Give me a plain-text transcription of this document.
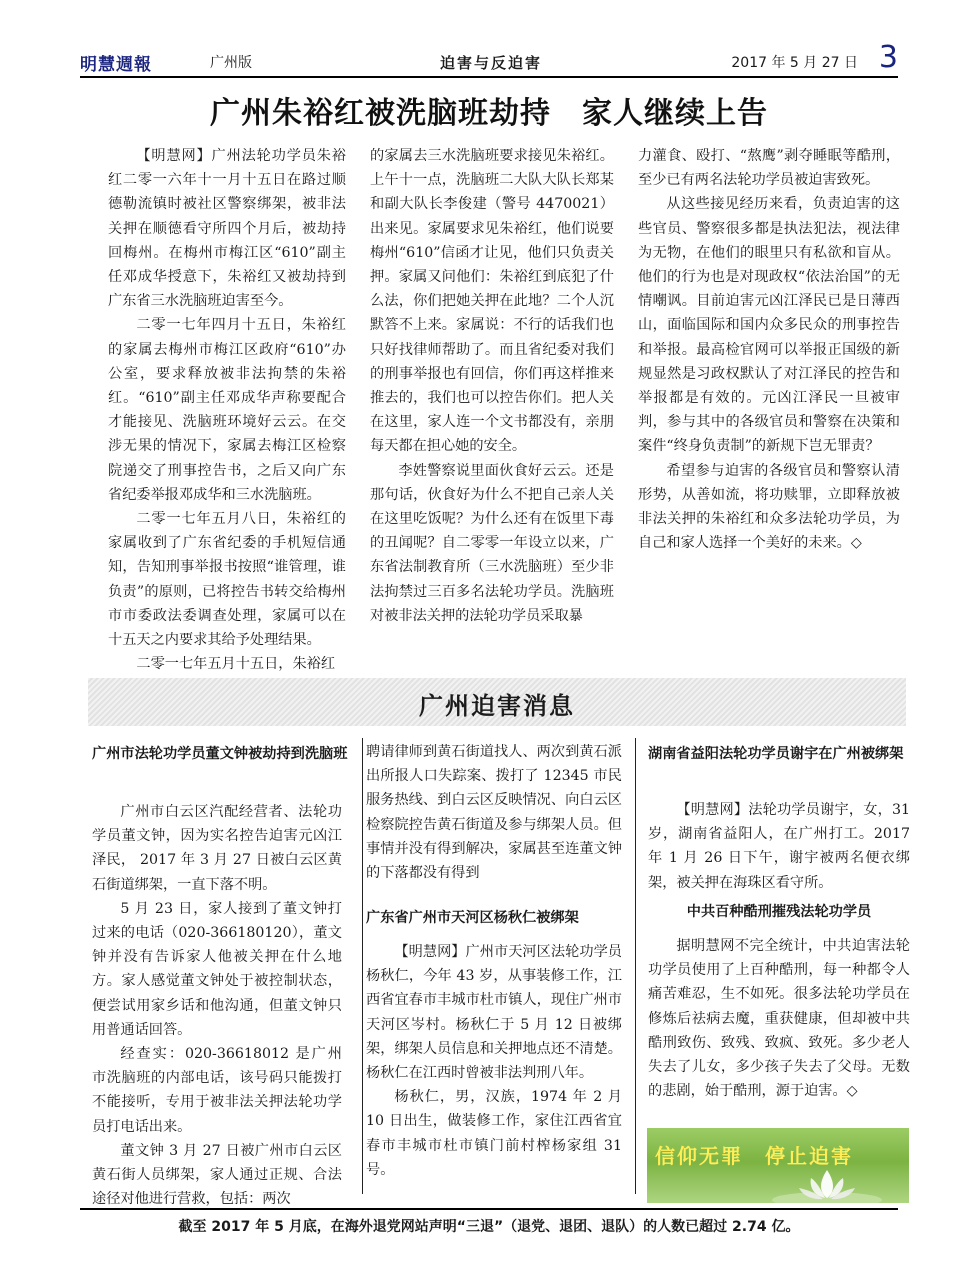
明慧週報	广州版	迫害与反迫害	2017 年 5 月 27 日 3
广州朱裕红被洗脑班劫持　家人继续上告

【明慧网】广州法轮功学员朱裕红二零一六年十一月十五日在路过顺德勒流镇时被社区警察绑架，被非法关押在顺德看守所四个月后，被劫持回梅州。在梅州市梅江区“610”副主任邓成华授意下，朱裕红又被劫持到广东省三水洗脑班迫害至今。

二零一七年四月十五日，朱裕红的家属去梅州市梅江区政府“610”办公室，要求释放被非法拘禁的朱裕红。“610”副主任邓成华声称要配合才能接见、洗脑班环境好云云。在交涉无果的情况下，家属去梅江区检察院递交了刑事控告书，之后又向广东省纪委举报邓成华和三水洗脑班。

二零一七年五月八日，朱裕红的家属收到了广东省纪委的手机短信通知，告知刑事举报书按照“谁管理，谁负责”的原则，已将控告书转交给梅州市市委政法委调查处理，家属可以在十五天之内要求其给予处理结果。

二零一七年五月十五日，朱裕红

的家属去三水洗脑班要求接见朱裕红。上午十一点，洗脑班二大队大队长郑某和副大队长李俊建（警号 4470021）出来见。家属要求见朱裕红，他们说要梅州“610”信函才让见，他们只负责关押。家属又问他们：朱裕红到底犯了什么法，你们把她关押在此地？二个人沉默答不上来。家属说：不行的话我们也只好找律师帮助了。而且省纪委对我们的刑事举报也有回信，你们再这样推来推去的，我们也可以控告你们。把人关在这里，家人连一个文书都没有，亲朋每天都在担心她的安全。

李姓警察说里面伙食好云云。还是那句话，伙食好为什么不把自己亲人关在这里吃饭呢？为什么还有在饭里下毒的丑闻呢？自二零零一年设立以来，广东省法制教育所（三水洗脑班）至少非法拘禁过三百多名法轮功学员。洗脑班对被非法关押的法轮功学员采取暴

力灌食、殴打、“熬鹰”剥夺睡眠等酷刑，至少已有两名法轮功学员被迫害致死。

从这些接见经历来看，负责迫害的这些官员、警察很多都是执法犯法，视法律为无物，在他们的眼里只有私欲和盲从。他们的行为也是对现政权“依法治国”的无情嘲讽。目前迫害元凶江泽民已是日薄西山，面临国际和国内众多民众的刑事控告和举报。最高检官网可以举报正国级的新规显然是习政权默认了对江泽民的控告和举报都是有效的。元凶江泽民一旦被审判，参与其中的各级官员和警察在决策和案件“终身负责制”的新规下岂无罪责？

希望参与迫害的各级官员和警察认清形势，从善如流，将功赎罪，立即释放被非法关押的朱裕红和众多法轮功学员，为自己和家人选择一个美好的未来。◇

广州迫害消息
广州市法轮功学员董文钟被劫持到洗脑班

广州市白云区汽配经营者、法轮功学员董文钟，因为实名控告迫害元凶江泽民， 2017 年 3 月 27 日被白云区黄石街道绑架，一直下落不明。

5 月 23 日，家人接到了董文钟打过来的电话（020-366180120），董文钟并没有告诉家人他被关押在什么地方。家人感觉董文钟处于被控制状态，便尝试用家乡话和他沟通，但董文钟只用普通话回答。

经查实：020-36618012 是广州市洗脑班的内部电话，该号码只能拨打不能接听，专用于被非法关押法轮功学员打电话出来。

董文钟 3 月 27 日被广州市白云区黄石街人员绑架，家人通过正规、合法途径对他进行营救，包括：两次

聘请律师到黄石街道找人、两次到黄石派出所报人口失踪案、拨打了 12345 市民服务热线、到白云区反映情况、向白云区检察院控告黄石街道及参与绑架人员。但事情并没有得到解决，家属甚至连董文钟的下落都没有得到

广东省广州市天河区杨秋仁被绑架

【明慧网】广州市天河区法轮功学员杨秋仁，今年 43 岁，从事装修工作，江西省宜春市丰城市杜市镇人，现住广州市天河区岑村。杨秋仁于 5 月 12 日被绑架，绑架人员信息和关押地点还不清楚。杨秋仁在江西时曾被非法判刑八年。

杨秋仁，男，汉族，1974 年 2 月 10 日出生，做装修工作，家住江西省宜春市丰城市杜市镇门前村榨杨家组 31 号。

湖南省益阳法轮功学员谢宇在广州被绑架

【明慧网】法轮功学员谢宇，女，31 岁，湖南省益阳人，在广州打工。2017 年 1 月 26 日下午，谢宇被两名便衣绑架，被关押在海珠区看守所。

中共百种酷刑摧残法轮功学员

据明慧网不完全统计，中共迫害法轮功学员使用了上百种酷刑，每一种都令人痛苦难忍，生不如死。很多法轮功学员在修炼后祛病去魔，重获健康，但却被中共酷刑致伤、致残、致疯、致死。多少老人失去了儿女，多少孩子失去了父母。无数的悲剧，始于酷刑，源于迫害。◇

信仰无罪　停止迫害
截至 2017 年 5 月底，在海外退党网站声明“三退”（退党、退团、退队）的人数已超过 2.74 亿。
